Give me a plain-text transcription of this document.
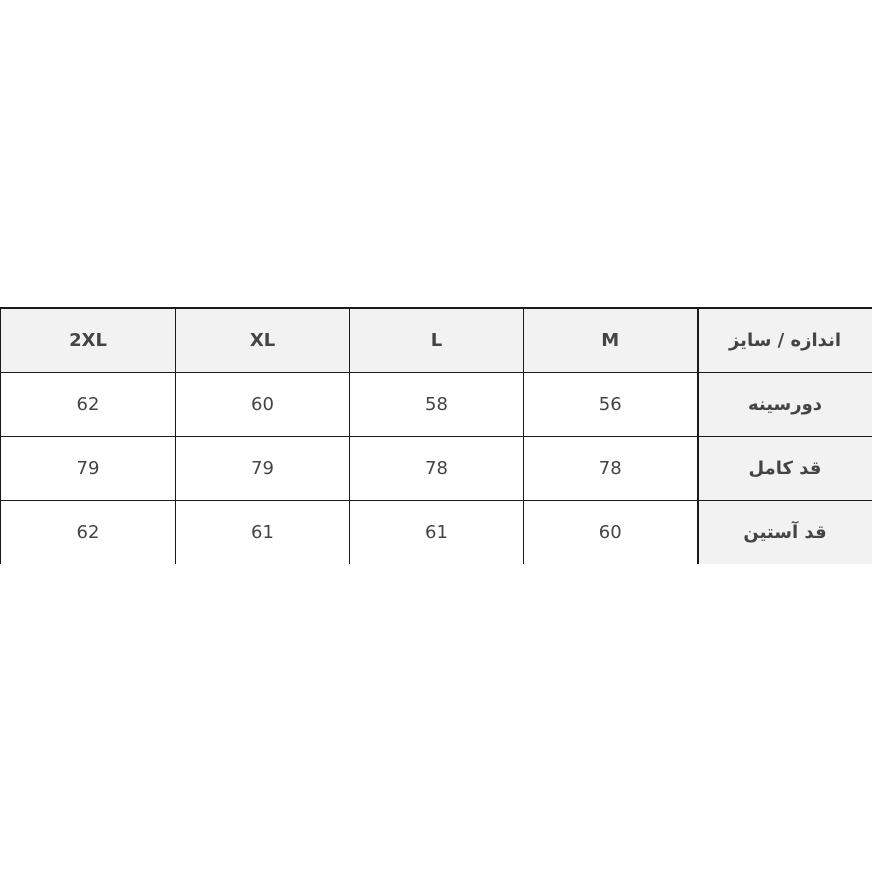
2XL	XL	L	M	اندازه / سایز
62	60	58	56	دورسینه
79	79	78	78	قد کامل
62	61	61	60	قد آستین
